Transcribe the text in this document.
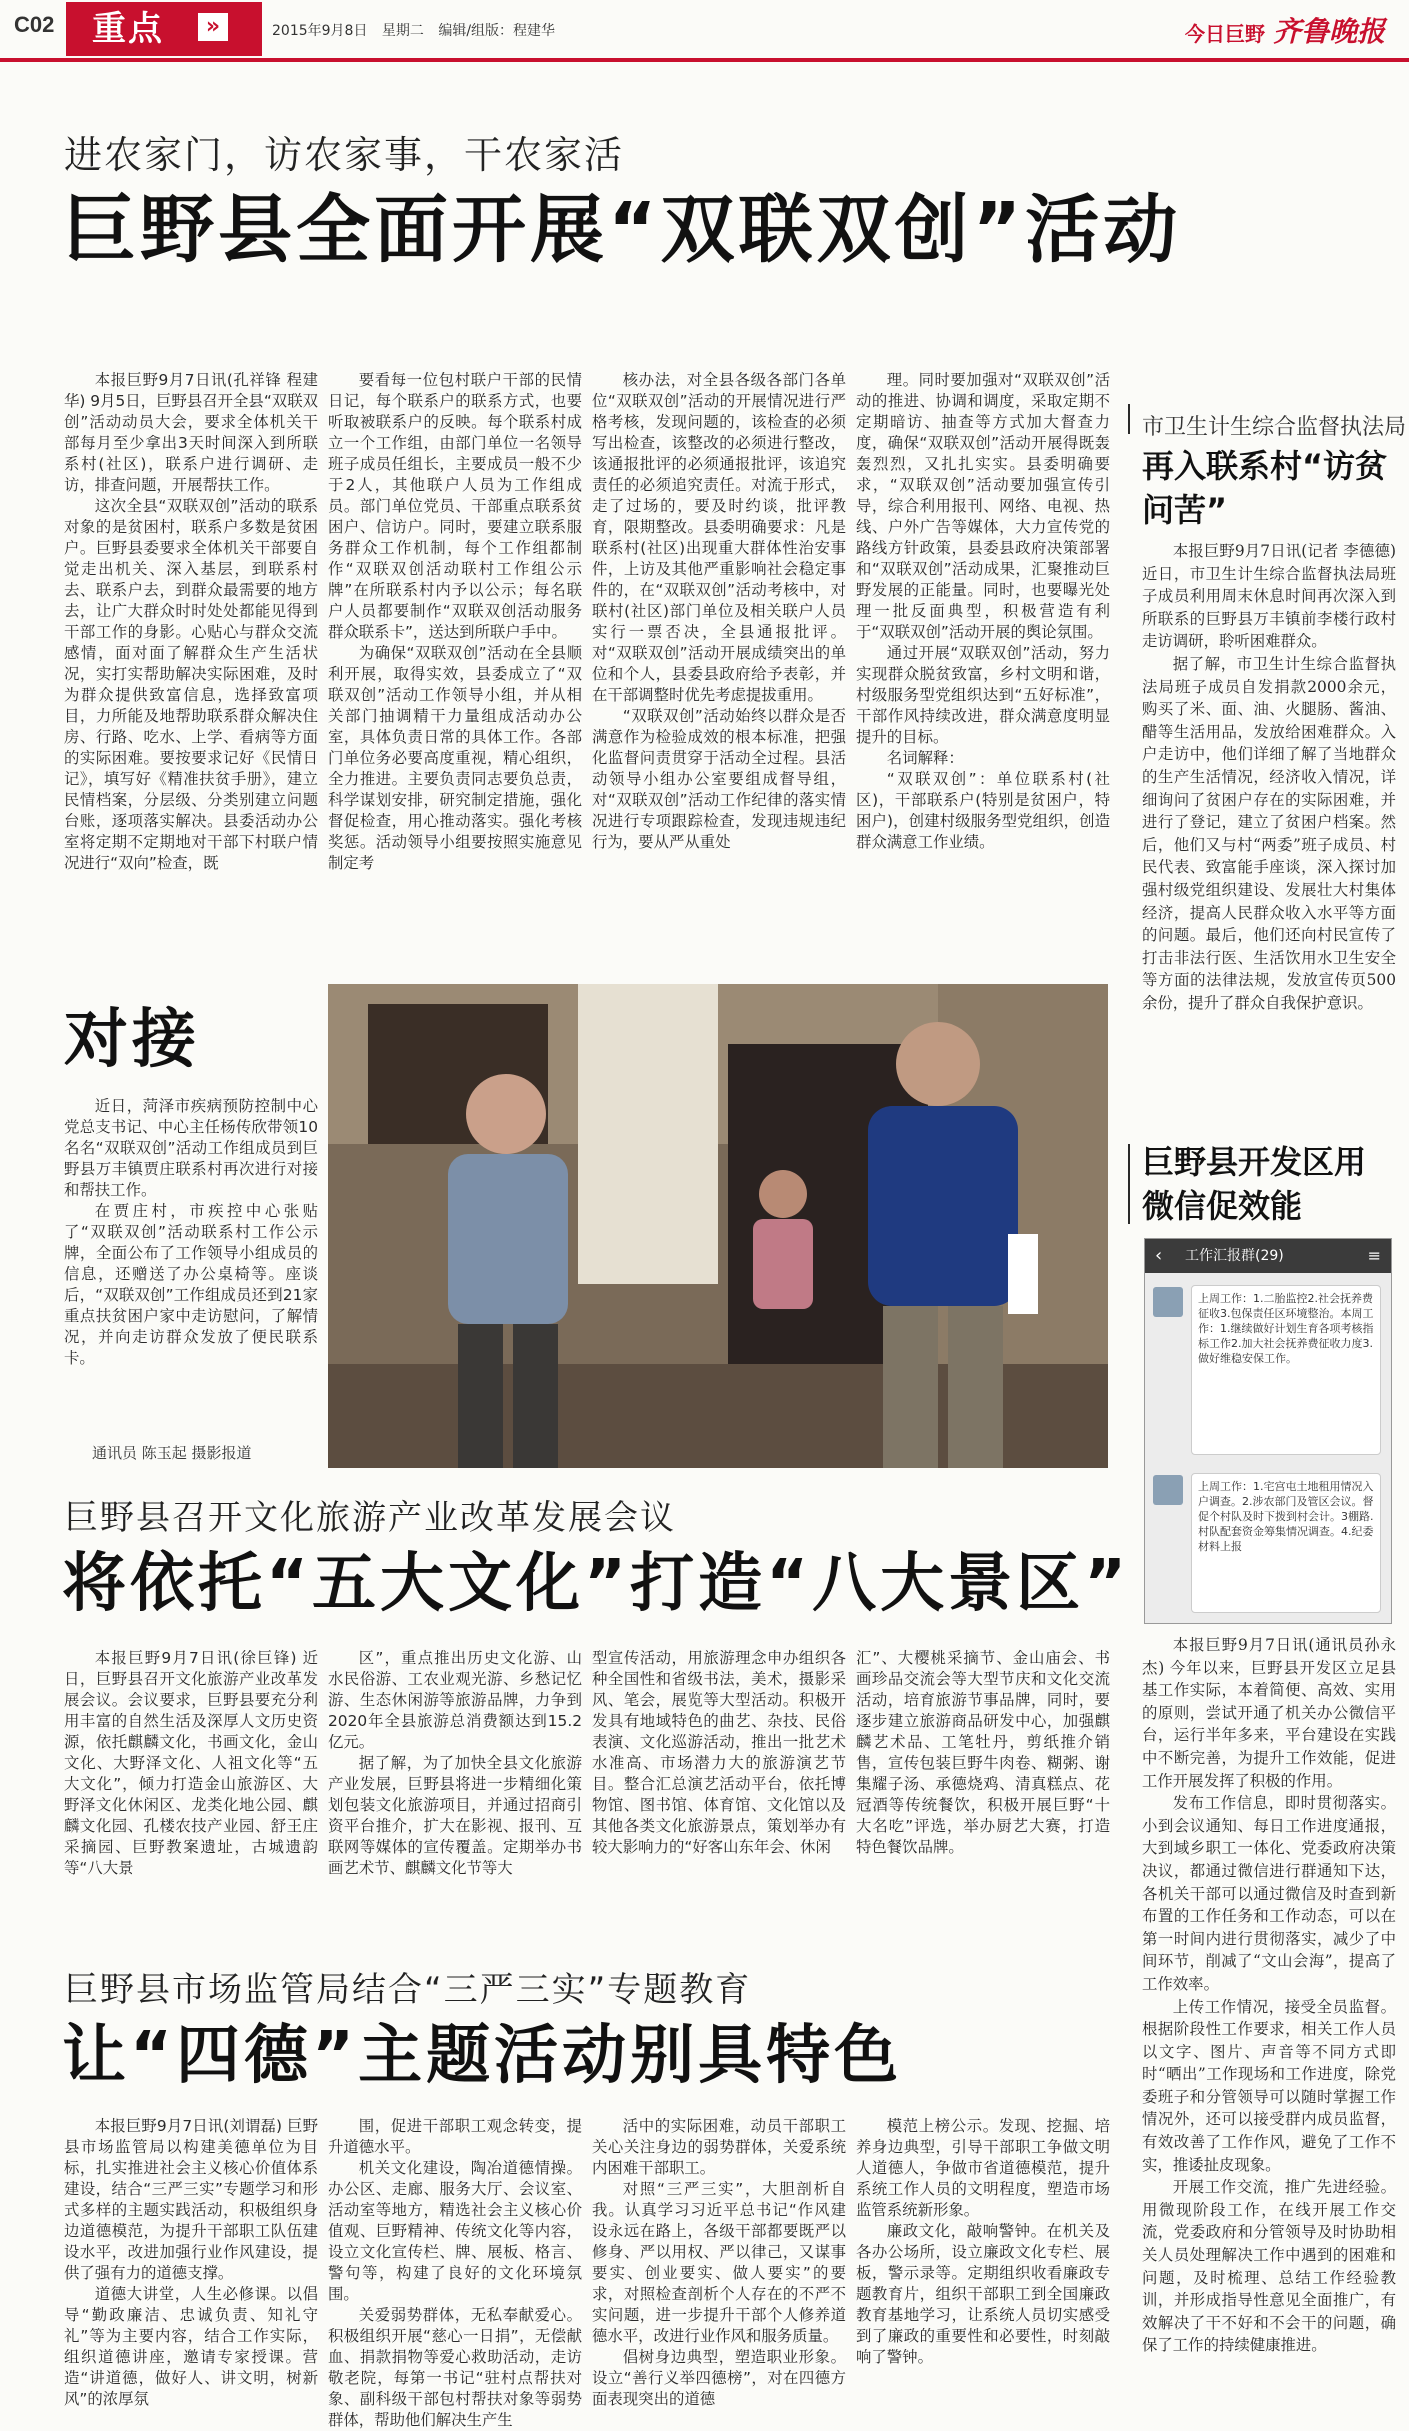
C02	重点	»	2015年9月8日 星期二 编辑/组版：程建华	今日巨野 齐鲁晚报
进农家门，访农家事，干农家活
巨野县全面开展“双联双创”活动

本报巨野9月7日讯(孔祥锋 程建华) 9月5日，巨野县召开全县“双联双创”活动动员大会，要求全体机关干部每月至少拿出3天时间深入到所联系村(社区)，联系户进行调研、走访，排查问题，开展帮扶工作。

这次全县“双联双创”活动的联系对象的是贫困村，联系户多数是贫困户。巨野县委要求全体机关干部要自觉走出机关、深入基层，到联系村去、联系户去，到群众最需要的地方去，让广大群众时时处处都能见得到干部工作的身影。心贴心与群众交流感情，面对面了解群众生产生活状况，实打实帮助解决实际困难，及时为群众提供致富信息，选择致富项目，力所能及地帮助联系群众解决住房、行路、吃水、上学、看病等方面的实际困难。要按要求记好《民情日记》，填写好《精准扶贫手册》，建立民情档案，分层级、分类别建立问题台账，逐项落实解决。县委活动办公室将定期不定期地对干部下村联户情况进行“双向”检查，既

要看每一位包村联户干部的民情日记，每个联系户的联系方式，也要听取被联系户的反映。每个联系村成立一个工作组，由部门单位一名领导班子成员任组长，主要成员一般不少于2人，其他联户人员为工作组成员。部门单位党员、干部重点联系贫困户、信访户。同时，要建立联系服务群众工作机制，每个工作组都制作“双联双创活动联村工作组公示牌”在所联系村内予以公示；每名联户人员都要制作“双联双创活动服务群众联系卡”，送达到所联户手中。

为确保“双联双创”活动在全县顺利开展，取得实效，县委成立了“双联双创”活动工作领导小组，并从相关部门抽调精干力量组成活动办公室，具体负责日常的具体工作。各部门单位务必要高度重视，精心组织，全力推进。主要负责同志要负总责，科学谋划安排，研究制定措施，强化督促检查，用心推动落实。强化考核奖惩。活动领导小组要按照实施意见制定考

核办法，对全县各级各部门各单位“双联双创”活动的开展情况进行严格考核，发现问题的，该检查的必须写出检查，该整改的必须进行整改，该通报批评的必须通报批评，该追究责任的必须追究责任。对流于形式，走了过场的，要及时约谈，批评教育，限期整改。县委明确要求：凡是联系村(社区)出现重大群体性治安事件，上访及其他严重影响社会稳定事件的，在“双联双创”活动考核中，对联村(社区)部门单位及相关联户人员实行一票否决，全县通报批评。对“双联双创”活动开展成绩突出的单位和个人，县委县政府给予表彰，并在干部调整时优先考虑提拔重用。

“双联双创”活动始终以群众是否满意作为检验成效的根本标准，把强化监督问责贯穿于活动全过程。县活动领导小组办公室要组成督导组，对“双联双创”活动工作纪律的落实情况进行专项跟踪检查，发现违规违纪行为，要从严从重处

理。同时要加强对“双联双创”活动的推进、协调和调度，采取定期不定期暗访、抽查等方式加大督查力度，确保“双联双创”活动开展得既轰轰烈烈，又扎扎实实。县委明确要求，“双联双创”活动要加强宣传引导，综合利用报刊、网络、电视、热线、户外广告等媒体，大力宣传党的路线方针政策，县委县政府决策部署和“双联双创”活动成果，汇聚推动巨野发展的正能量。同时，也要曝光处理一批反面典型，积极营造有利于“双联双创”活动开展的舆论氛围。

通过开展“双联双创”活动，努力实现群众脱贫致富，乡村文明和谐，村级服务型党组织达到“五好标准”，干部作风持续改进，群众满意度明显提升的目标。

名词解释：

“双联双创”：单位联系村(社区)，干部联系户(特别是贫困户，特困户)，创建村级服务型党组织，创造群众满意工作业绩。

对接

近日，菏泽市疾病预防控制中心党总支书记、中心主任杨传欣带领10名名“双联双创”活动工作组成员到巨野县万丰镇贾庄联系村再次进行对接和帮扶工作。

在贾庄村，市疾控中心张贴了“双联双创”活动联系村工作公示牌，全面公布了工作领导小组成员的信息，还赠送了办公桌椅等。座谈后，“双联双创”工作组成员还到21家重点扶贫困户家中走访慰问，了解情况，并向走访群众发放了便民联系卡。

通讯员 陈玉起 摄影报道
巨野县召开文化旅游产业改革发展会议
将依托“五大文化”打造“八大景区”
本报巨野9月7日讯(徐巨锋) 近日，巨野县召开文化旅游产业改革发展会议。会议要求，巨野县要充分利用丰富的自然生活及深厚人文历史资源，依托麒麟文化，书画文化，金山文化、大野泽文化、人祖文化等“五大文化”，倾力打造金山旅游区、大野泽文化休闲区、龙类化地公园、麒麟文化园、孔楼农技产业园、舒王庄采摘园、巨野教案遗址，古城遗韵等“八大景

区”，重点推出历史文化游、山水民俗游、工农业观光游、乡愁记忆游、生态休闲游等旅游品牌，力争到2020年全县旅游总消费额达到15.2亿元。

据了解，为了加快全县文化旅游产业发展，巨野县将进一步精细化策划包装文化旅游项目，并通过招商引资平台推介，扩大在影视、报刊、互联网等媒体的宣传覆盖。定期举办书画艺术节、麒麟文化节等大

型宣传活动，用旅游理念申办组织各种全国性和省级书法，美术，摄影采风、笔会，展览等大型活动。积极开发具有地域特色的曲艺、杂技、民俗表演、文化巡游活动，推出一批艺术水准高、市场潜力大的旅游演艺节目。整合汇总演艺活动平台，依托博物馆、图书馆、体育馆、文化馆以及其他各类文化旅游景点，策划举办有较大影响力的“好客山东年会、休闲
汇”、大樱桃采摘节、金山庙会、书画珍品交流会等大型节庆和文化交流活动，培育旅游节事品牌，同时，要逐步建立旅游商品研发中心，加强麒麟艺术品、工笔牡丹，剪纸推介销售，宣传包装巨野牛肉卷、糊粥、谢集耀子汤、承德烧鸡、清真糕点、花冠酒等传统餐饮，积极开展巨野“十大名吃”评选，举办厨艺大赛，打造特色餐饮品牌。
巨野县市场监管局结合“三严三实”专题教育
让“四德”主题活动别具特色

本报巨野9月7日讯(刘谓磊) 巨野县市场监管局以构建美德单位为目标，扎实推进社会主义核心价值体系建设，结合“三严三实”专题学习和形式多样的主题实践活动，积极组织身边道德模范，为提升干部职工队伍建设水平，改进加强行业作风建设，提供了强有力的道德支撑。

道德大讲堂，人生必修课。以倡导“勤政廉洁、忠诚负责、知礼守礼”等为主要内容，结合工作实际，组织道德讲座，邀请专家授课。营造“讲道德，做好人、讲文明，树新风”的浓厚氛

围，促进干部职工观念转变，提升道德水平。

机关文化建设，陶冶道德情操。办公区、走廊、服务大厅、会议室、活动室等地方，精选社会主义核心价值观、巨野精神、传统文化等内容，设立文化宣传栏、牌、展板、格言、警句等，构建了良好的文化环境氛围。

关爱弱势群体，无私奉献爱心。积极组织开展“慈心一日捐”，无偿献血、捐款捐物等爱心救助活动，走访敬老院，每第一书记“驻村点帮扶对象、副科级干部包村帮扶对象等弱势群体，帮助他们解决生产生

活中的实际困难，动员干部职工关心关注身边的弱势群体，关爱系统内困难干部职工。

对照“三严三实”，大胆剖析自我。认真学习习近平总书记“作风建设永远在路上，各级干部都要既严以修身、严以用权、严以律己，又谋事要实、创业要实、做人要实”的要求，对照检查剖析个人存在的不严不实问题，进一步提升干部个人修养道德水平，改进行业作风和服务质量。

倡树身边典型，塑造职业形象。设立“善行义举四德榜”，对在四德方面表现突出的道德

模范上榜公示。发现、挖掘、培养身边典型，引导干部职工争做文明人道德人，争做市省道德模范，提升系统工作人员的文明程度，塑造市场监管系统新形象。

廉政文化，敲响警钟。在机关及各办公场所，设立廉政文化专栏、展板，警示录等。定期组织收看廉政专题教育片，组织干部职工到全国廉政教育基地学习，让系统人员切实感受到了廉政的重要性和必要性，时刻敲响了警钟。

市卫生计生综合监督执法局
再入联系村“访贫问苦”

本报巨野9月7日讯(记者 李德德) 近日，市卫生计生综合监督执法局班子成员利用周末休息时间再次深入到所联系的巨野县万丰镇前李楼行政村走访调研，聆听困难群众。

据了解，市卫生计生综合监督执法局班子成员自发捐款2000余元，购买了米、面、油、火腿肠、酱油、醋等生活用品，发放给困难群众。入户走访中，他们详细了解了当地群众的生产生活情况，经济收入情况，详细询问了贫困户存在的实际困难，并进行了登记，建立了贫困户档案。然后，他们又与村“两委”班子成员、村民代表、致富能手座谈，深入探讨加强村级党组织建设、发展壮大村集体经济，提高人民群众收入水平等方面的问题。最后，他们还向村民宣传了打击非法行医、生活饮用水卫生安全等方面的法律法规，发放宣传页500余份，提升了群众自我保护意识。

巨野县开发区用微信促效能
‹ 工作汇报群(29)	≡
上周工作：1.二胎监控2.社会抚养费征收3.包保责任区环境整治。本周工作：1.继续做好计划生育各项考核指标工作2.加大社会抚养费征收力度3.做好维稳安保工作。
上周工作：1.宅宫屯土地租用情况入户调查。2.涉农部门及管区会议。督促个村队及时下拨到村会计。3棚路.村队配套资金筹集情况调查。4.纪委材料上报

本报巨野9月7日讯(通讯员孙永杰) 今年以来，巨野县开发区立足县基工作实际，本着简便、高效、实用的原则，尝试开通了机关办公微信平台，运行半年多来，平台建设在实践中不断完善，为提升工作效能，促进工作开展发挥了积极的作用。

发布工作信息，即时贯彻落实。小到会议通知、每日工作进度通报，大到域乡职工一体化、党委政府决策决议，都通过微信进行群通知下达，各机关干部可以通过微信及时查到新布置的工作任务和工作动态，可以在第一时间内进行贯彻落实，减少了中间环节，削减了“文山会海”，提高了工作效率。

上传工作情况，接受全员监督。根据阶段性工作要求，相关工作人员以文字、图片、声音等不同方式即时“晒出”工作现场和工作进度，除党委班子和分管领导可以随时掌握工作情况外，还可以接受群内成员监督，有效改善了工作作风，避免了工作不实，推诿扯皮现象。

开展工作交流，推广先进经验。用微现阶段工作，在线开展工作交流，党委政府和分管领导及时协助相关人员处理解决工作中遇到的困难和问题，及时梳理、总结工作经验教训，并形成指导性意见全面推广，有效解决了干不好和不会干的问题，确保了工作的持续健康推进。
